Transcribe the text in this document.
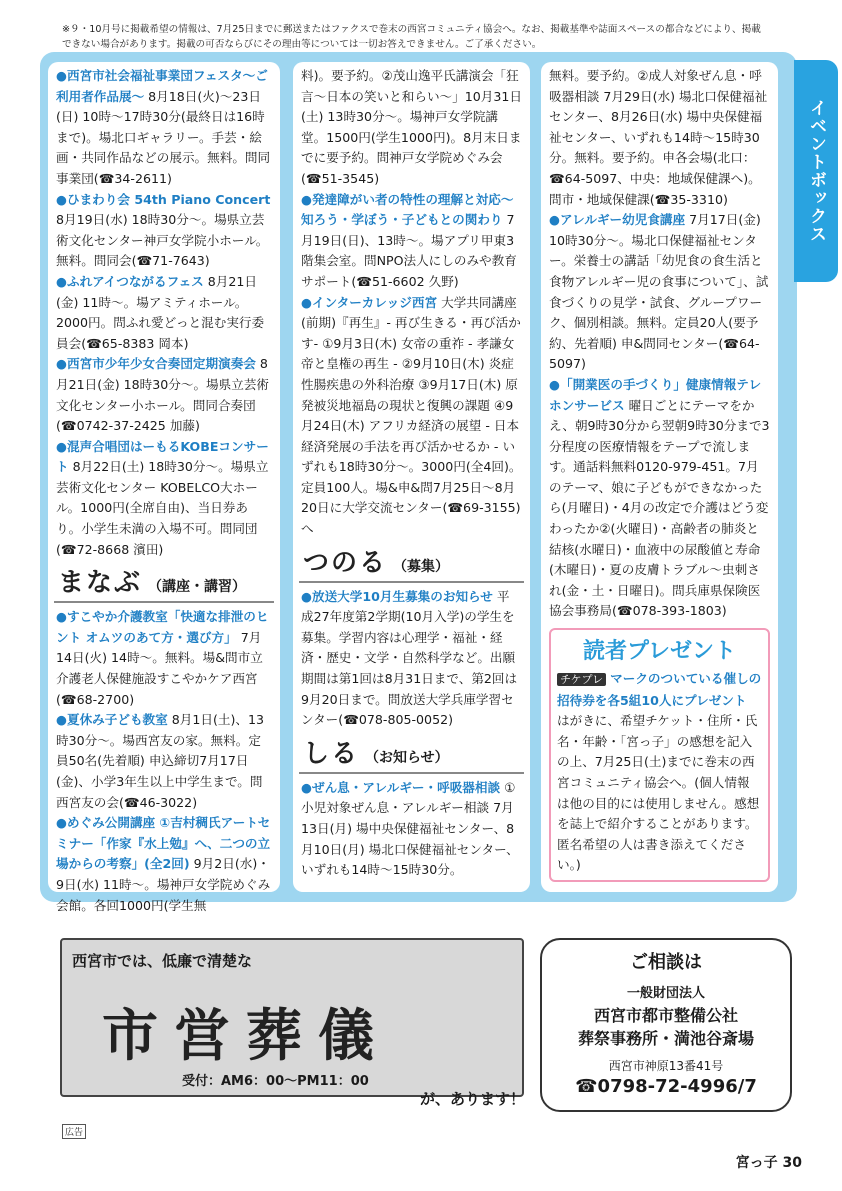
※９・10月号に掲載希望の情報は、7月25日までに郵送またはファクスで巻末の西宮コミュニティ協会へ。なお、掲載基準や誌面スペースの都合などにより、掲載できない場合があります。掲載の可否ならびにその理由等については一切お答えできません。ご了承ください。
イベントボックス

●西宮市社会福祉事業団フェスタ〜ご利用者作品展〜 8月18日(火)〜23日(日) 10時〜17時30分(最終日は16時まで)。場北口ギャラリー。手芸・絵画・共同作品などの展示。無料。問同事業団(☎34-2611)

●ひまわり会 54th Piano Concert 8月19日(水) 18時30分〜。場県立芸術文化センター神戸女学院小ホール。無料。問同会(☎71-7643)

●ふれアイつながるフェス 8月21日(金) 11時〜。場アミティホール。2000円。問ふれ愛どっと混む実行委員会(☎65-8383 岡本)

●西宮市少年少女合奏団定期演奏会 8月21日(金) 18時30分〜。場県立芸術文化センター小ホール。問同合奏団(☎0742-37-2425 加藤)

●混声合唱団はーもるKOBEコンサート 8月22日(土) 18時30分〜。場県立芸術文化センター KOBELCO大ホール。1000円(全席自由)、当日券あり。小学生未満の入場不可。問同団(☎72-8668 濱田)

まなぶ （講座・講習）

●すこやか介護教室「快適な排泄のヒント オムツのあて方・選び方」 7月14日(火) 14時〜。無料。場&問市立介護老人保健施設すこやかケア西宮(☎68-2700)

●夏休み子ども教室 8月1日(土)、13時30分〜。場西宮友の家。無料。定員50名(先着順) 申込締切7月17日(金)、小学3年生以上中学生まで。問西宮友の会(☎46-3022)

●めぐみ公開講座 ①吉村稠氏アートセミナー「作家『水上勉』へ、二つの立場からの考察」(全2回) 9月2日(水)・9日(水) 11時〜。場神戸女学院めぐみ会館。各回1000円(学生無

料)。要予約。②茂山逸平氏講演会「狂言〜日本の笑いと和らい〜」10月31日(土) 13時30分〜。場神戸女学院講堂。1500円(学生1000円)。8月末日までに要予約。問神戸女学院めぐみ会(☎51-3545)

●発達障がい者の特性の理解と対応〜知ろう・学ぼう・子どもとの関わり 7月19日(日)、13時〜。場アプリ甲東3階集会室。問NPO法人にしのみや教育サポート(☎51-6602 久野)

●インターカレッジ西宮 大学共同講座(前期)『再生』- 再び生きる・再び活かす- ①9月3日(木) 女帝の重祚 - 孝謙女帝と皇権の再生 - ②9月10日(木) 炎症性腸疾患の外科治療 ③9月17日(木) 原発被災地福島の現状と復興の課題 ④9月24日(木) アフリカ経済の展望 - 日本経済発展の手法を再び活かせるか - いずれも18時30分〜。3000円(全4回)。定員100人。場&申&問7月25日〜8月20日に大学交流センター(☎69-3155)へ

つのる （募集）

●放送大学10月生募集のお知らせ 平成27年度第2学期(10月入学)の学生を募集。学習内容は心理学・福祉・経済・歴史・文学・自然科学など。出願期間は第1回は8月31日まで、第2回は9月20日まで。問放送大学兵庫学習センター(☎078-805-0052)

しる （お知らせ）

●ぜん息・アレルギー・呼吸器相談 ①小児対象ぜん息・アレルギー相談 7月13日(月) 場中央保健福祉センター、8月10日(月) 場北口保健福祉センター、いずれも14時〜15時30分。

無料。要予約。②成人対象ぜん息・呼吸器相談 7月29日(水) 場北口保健福祉センター、8月26日(水) 場中央保健福祉センター、いずれも14時〜15時30分。無料。要予約。申各会場(北口：☎64-5097、中央：地域保健課へ)。問市・地域保健課(☎35-3310)

●アレルギー幼児食講座 7月17日(金) 10時30分〜。場北口保健福祉センター。栄養士の講話「幼児食の食生活と食物アレルギー児の食事について」、試食づくりの見学・試食、グループワーク、個別相談。無料。定員20人(要予約、先着順) 申&問同センター(☎64-5097)

●「開業医の手づくり」健康情報テレホンサービス 曜日ごとにテーマをかえ、朝9時30分から翌朝9時30分まで3分程度の医療情報をテープで流します。通話料無料0120-979-451。7月のテーマ、娘に子どもができなかったら(月曜日)・4月の改定で介護はどう変わったか②(火曜日)・高齢者の肺炎と結核(水曜日)・血液中の尿酸値と寿命(木曜日)・夏の皮膚トラブル〜虫刺され(金・土・日曜日)。問兵庫県保険医協会事務局(☎078-393-1803)

読者プレゼント

チケプレ マークのついている催しの招待券を各5組10人にプレゼント

はがきに、希望チケット・住所・氏名・年齢・「宮っ子」の感想を記入の上、7月25日(土)までに巻末の西宮コミュニティ協会へ。(個人情報は他の目的には使用しません。感想を誌上で紹介することがあります。匿名希望の人は書き添えてください。)

西宮市では、低廉で清楚な
市営葬儀
受付：AM6：00〜PM11：00
が、あります！
ご相談は
一般財団法人
西宮市都市整備公社
葬祭事務所・満池谷斎場
西宮市神原13番41号
☎0798-72-4996/7
広告
宮っ子 30
